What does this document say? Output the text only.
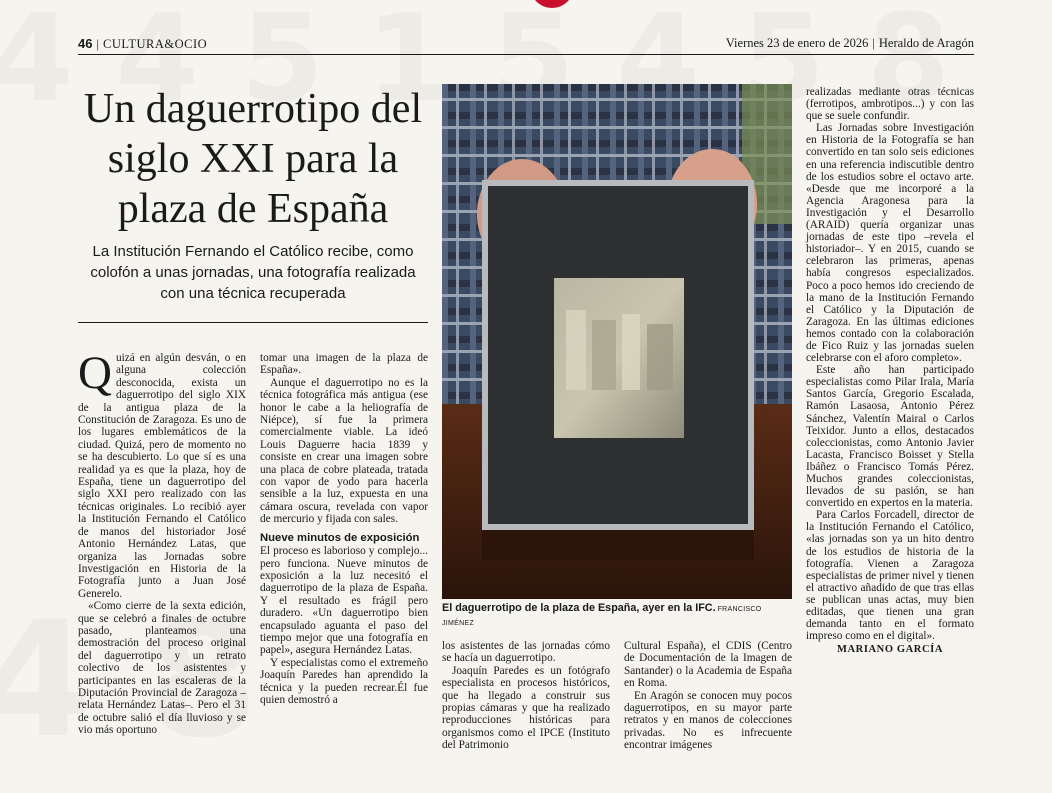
46 | CULTURA&OCIO	Viernes 23 de enero de 2026 | Heraldo de Aragón
Un daguerrotipo del siglo XXI para la plaza de España

La Institución Fernando el Católico recibe, como colofón a unas jornadas, una fotografía realizada con una técnica recuperada

Quizá en algún desván, o en alguna colección desconocida, exista un daguerrotipo del siglo XIX de la antigua plaza de la Constitución de Zaragoza. Es uno de los lugares emblemáticos de la ciudad. Quizá, pero de momento no se ha descubierto. Lo que sí es una realidad ya es que la plaza, hoy de España, tiene un daguerrotipo del siglo XXI pero realizado con las técnicas originales. Lo recibió ayer la Institución Fernando el Católico de manos del historiador José Antonio Hernández Latas, que organiza las Jornadas sobre Investigación en Historia de la Fotografía junto a Juan José Generelo.

«Como cierre de la sexta edición, que se celebró a finales de octubre pasado, planteamos una demostración del proceso original del daguerrotipo y un retrato colectivo de los asistentes y participantes en las escaleras de la Diputación Provincial de Zaragoza –relata Hernández Latas–. Pero el 31 de octubre salió el día lluvioso y se vio más oportuno

tomar una imagen de la plaza de España».

Aunque el daguerrotipo no es la técnica fotográfica más antigua (ese honor le cabe a la heliografía de Niépce), sí fue la primera comercialmente viable. La ideó Louis Daguerre hacia 1839 y consiste en crear una imagen sobre una placa de cobre plateada, tratada con vapor de yodo para hacerla sensible a la luz, expuesta en una cámara oscura, revelada con vapor de mercurio y fijada con sales.

Nueve minutos de exposición

El proceso es laborioso y complejo... pero funciona. Nueve minutos de exposición a la luz necesitó el daguerrotipo de la plaza de España. Y el resultado es frágil pero duradero. «Un daguerrotipo bien encapsulado aguanta el paso del tiempo mejor que una fotografía en papel», asegura Hernández Latas.

Y especialistas como el extremeño Joaquín Paredes han aprendido la técnica y la pueden recrear.Él fue quien demostró a

El daguerrotipo de la plaza de España, ayer en la IFC. FRANCISCO JIMÉNEZ

los asistentes de las jornadas cómo se hacía un daguerrotipo.

Joaquín Paredes es un fotógrafo especialista en procesos históricos, que ha llegado a construir sus propias cámaras y que ha realizado reproducciones históricas para organismos como el IPCE (Instituto del Patrimonio

Cultural España), el CDIS (Centro de Documentación de la Imagen de Santander) o la Academia de España en Roma.

En Aragón se conocen muy pocos daguerrotipos, en su mayor parte retratos y en manos de colecciones privadas. No es infrecuente encontrar imágenes

realizadas mediante otras técnicas (ferrotipos, ambrotipos...) y con las que se suele confundir.

Las Jornadas sobre Investigación en Historia de la Fotografía se han convertido en tan solo seis ediciones en una referencia indiscutible dentro de los estudios sobre el octavo arte. «Desde que me incorporé a la Agencia Aragonesa para la Investigación y el Desarrollo (ARAID) quería organizar unas jornadas de este tipo –revela el historiador–. Y en 2015, cuando se celebraron las primeras, apenas había congresos especializados. Poco a poco hemos ido creciendo de la mano de la Institución Fernando el Católico y la Diputación de Zaragoza. En las últimas ediciones hemos contado con la colaboración de Fico Ruiz y las jornadas suelen celebrarse con el aforo completo».

Este año han participado especialistas como Pilar Irala, María Santos García, Gregorio Escalada, Ramón Lasaosa, Antonio Pérez Sánchez, Valentín Mairal o Carlos Teixidor. Junto a ellos, destacados coleccionistas, como Antonio Javier Lacasta, Francisco Boisset y Stella Ibáñez o Francisco Tomás Pérez. Muchos grandes coleccionistas, llevados de su pasión, se han convertido en expertos en la materia.

Para Carlos Forcadell, director de la Institución Fernando el Católico, «las jornadas son ya un hito dentro de los estudios de historia de la fotografía. Vienen a Zaragoza especialistas de primer nivel y tienen el atractivo añadido de que tras ellas se publican unas actas, muy bien editadas, que tienen una gran demanda tanto en el formato impreso como en el digital».

MARIANO GARCÍA
